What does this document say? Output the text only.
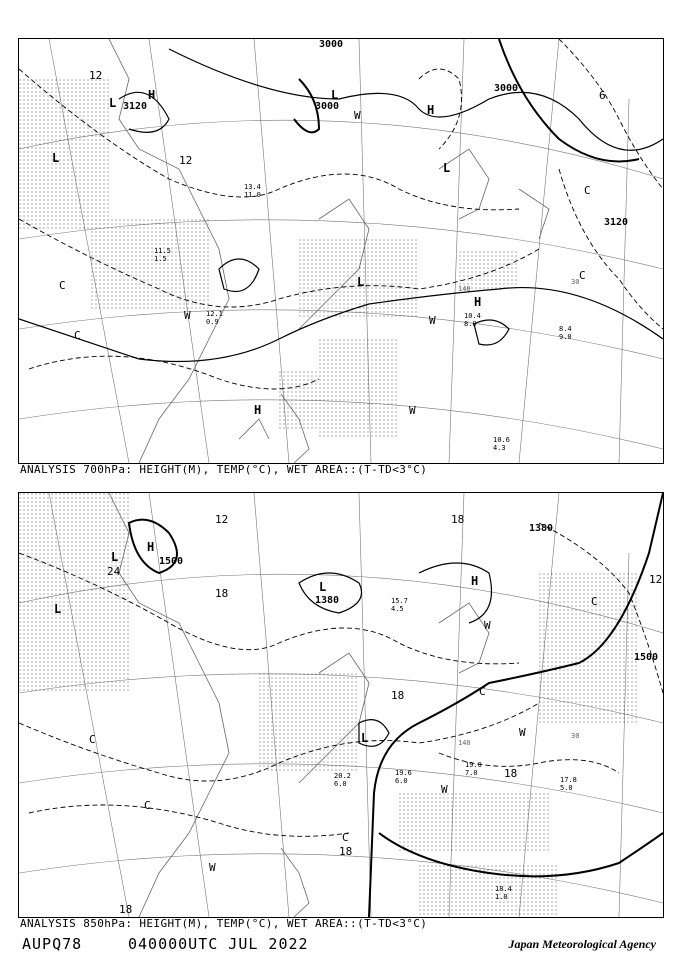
3000
3000
3000
3120
3120
12
6
12
30
140
H
H
H
H
L
L
L
L
L
C
C
C
C
W
W	W
W
11.5
1.5
10.6
4.3
10.4
8.0
8.4
9.0
12.1
0.9
13.4
11.0
ANALYSIS 700hPa: HEIGHT(M), TEMP(°C), WET AREA::(T-TD<3°C)
1500
1500
1380
1380
24
18
18
18
18
12
12
18
18
30
140
H
H
L
L
L
L
C
C
C
C
C
W
W
W
W
19.0
7.0
17.8
5.0
18.4
1.0
20.2
6.0
15.7
4.5
19.6
6.0
ANALYSIS 850hPa: HEIGHT(M), TEMP(°C), WET AREA::(T-TD<3°C)
AUPQ78	040000UTC JUL 2022	Japan Meteorological Agency
